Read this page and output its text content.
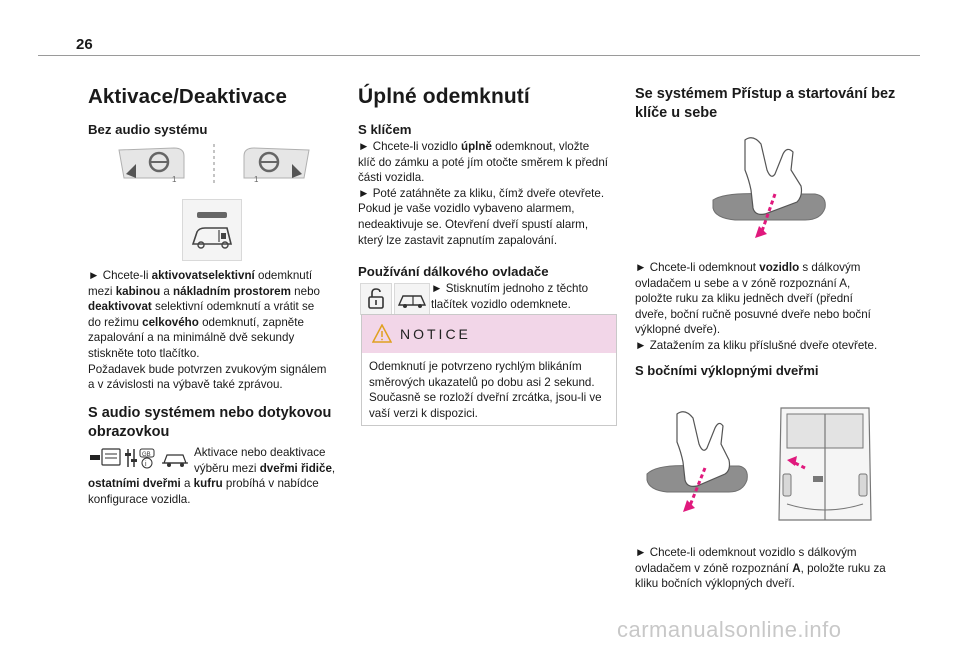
26
Aktivace/Deaktivace
Bez audio systému
1	1
► Chcete-li aktivovatselektivní odemknutí
mezi kabinou a nákladním prostorem nebo
deaktivovat selektivní odemknutí a vrátit se
do režimu celkového odemknutí, zapněte
zapalování a na minimálně dvě sekundy
stiskněte toto tlačítko.
Požadavek bude potvrzen zvukovým signálem
a v závislosti na výbavě také zprávou.
S audio systémem nebo dotykovou
obrazovkou
GB
i
Aktivace nebo deaktivace
výběru mezi dveřmi řidiče,
ostatními dveřmi a kufru probíhá v nabídce
konfigurace vozidla.
Úplné odemknutí
S klíčem
► Chcete-li vozidlo úplně odemknout, vložte
klíč do zámku a poté jím otočte směrem k přední
části vozidla.
► Poté zatáhněte za kliku, čímž dveře otevřete.
Pokud je vaše vozidlo vybaveno alarmem,
nedeaktivuje se. Otevření dveří spustí alarm,
který lze zastavit zapnutím zapalování.
Používání dálkového ovladače
► Stisknutím jednoho z těchto
tlačítek vozidlo odemknete.
NOTICE
Odemknutí je potvrzeno rychlým blikáním
směrových ukazatelů po dobu asi 2 sekund.
Současně se rozloží dveřní zrcátka, jsou-li ve
vaší verzi k dispozici.
Se systémem Přístup a startování bez
klíče u sebe
► Chcete-li odemknout vozidlo s dálkovým
ovladačem u sebe a v zóně rozpoznání A,
položte ruku za kliku jedněch dveří (přední
dveře, boční ručně posuvné dveře nebo boční
výklopné dveře).
► Zatažením za kliku příslušné dveře otevřete.
S bočními výklopnými dveřmi
► Chcete-li odemknout vozidlo s dálkovým
ovladačem v zóně rozpoznání A, položte ruku za
kliku bočních výklopných dveří.
carmanualsonline.info
